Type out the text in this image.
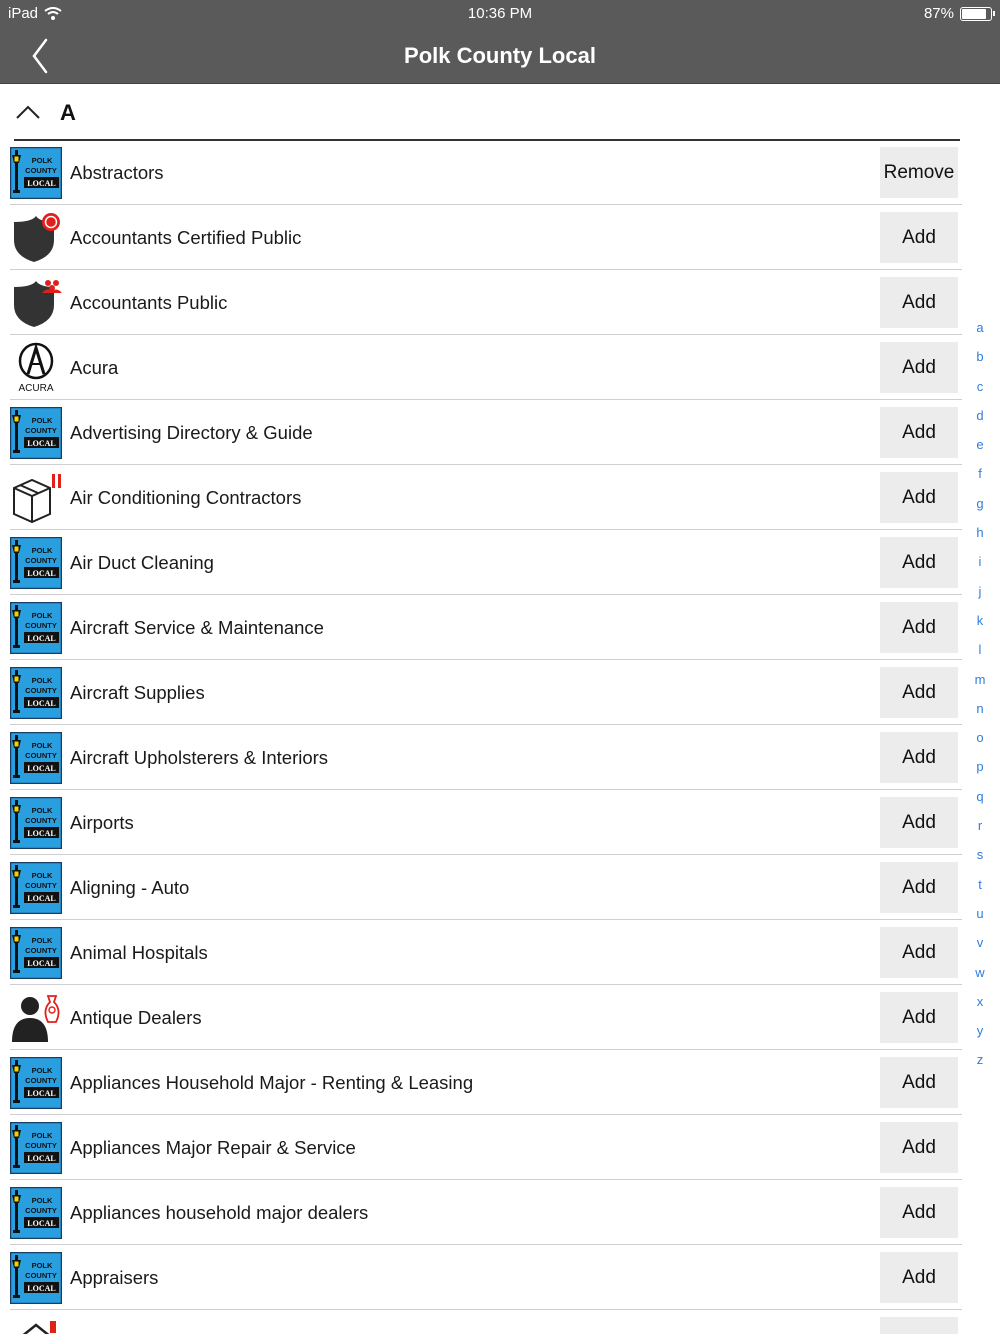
iPad	10:36 PM	87%
Polk County Local
A
POLK
COUNTY
LOCAL
Abstractors	Remove
Accountants Certified Public	Add
Accountants Public	Add
ACURA
Acura	Add
POLK
COUNTY
LOCAL
Advertising Directory & Guide	Add
Air Conditioning Contractors	Add
POLK
COUNTY
LOCAL
Air Duct Cleaning	Add
POLK
COUNTY
LOCAL
Aircraft Service & Maintenance	Add
POLK
COUNTY
LOCAL
Aircraft Supplies	Add
POLK
COUNTY
LOCAL
Aircraft Upholsterers & Interiors	Add
POLK
COUNTY
LOCAL
Airports	Add
POLK
COUNTY
LOCAL
Aligning - Auto	Add
POLK
COUNTY
LOCAL
Animal Hospitals	Add
Antique Dealers	Add
POLK
COUNTY
LOCAL
Appliances Household Major - Renting & Leasing	Add
POLK
COUNTY
LOCAL
Appliances Major Repair & Service	Add
POLK
COUNTY
LOCAL
Appliances household major dealers	Add
POLK
COUNTY
LOCAL
Appraisers	Add
a
b
c
d
e
f
g
h
i
j
k
l
m
n
o
p
q
r
s
t
u
v
w
x
y
z
